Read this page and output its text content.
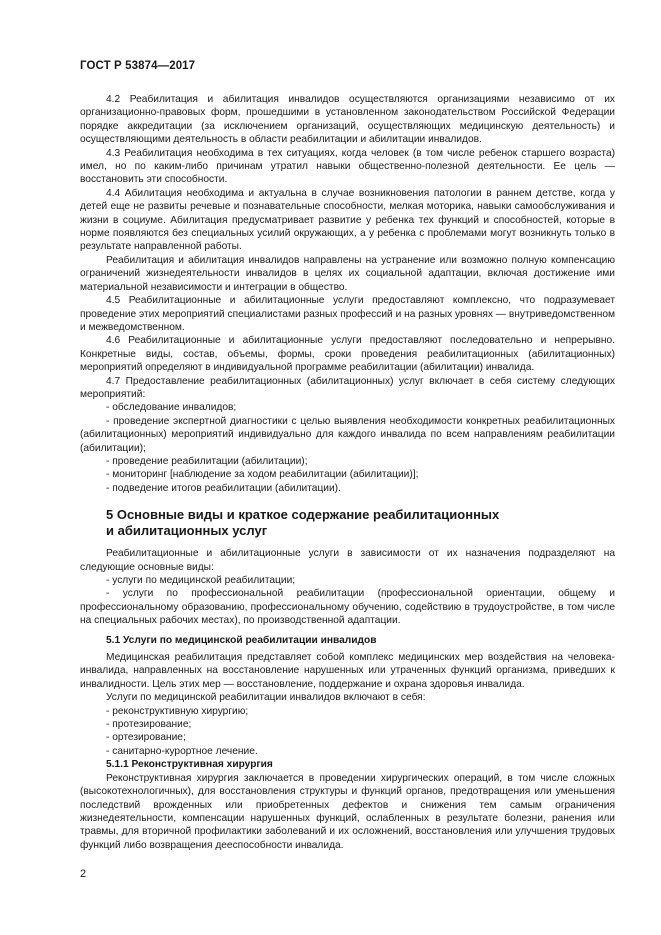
ГОСТ Р 53874—2017

4.2 Реабилитация и абилитация инвалидов осуществляются организациями независимо от их организационно-правовых форм, прошедшими в установленном законодательством Российской Федерации порядке аккредитации (за исключением организаций, осуществляющих медицинскую деятельность) и осуществляющими деятельность в области реабилитации и абилитации инвалидов.

4.3 Реабилитация необходима в тех ситуациях, когда человек (в том числе ребенок старшего возраста) имел, но по каким-либо причинам утратил навыки общественно-полезной деятельности. Ее цель — восстановить эти способности.

4.4 Абилитация необходима и актуальна в случае возникновения патологии в раннем детстве, когда у детей еще не развиты речевые и познавательные способности, мелкая моторика, навыки самообслуживания и жизни в социуме. Абилитация предусматривает развитие у ребенка тех функций и способностей, которые в норме появляются без специальных усилий окружающих, а у ребенка с проблемами могут возникнуть только в результате направленной работы.

Реабилитация и абилитация инвалидов направлены на устранение или возможно полную компенсацию ограничений жизнедеятельности инвалидов в целях их социальной адаптации, включая достижение ими материальной независимости и интеграции в общество.

4.5 Реабилитационные и абилитационные услуги предоставляют комплексно, что подразумевает проведение этих мероприятий специалистами разных профессий и на разных уровнях — внутриведомственном и межведомственном.

4.6 Реабилитационные и абилитационные услуги предоставляют последовательно и непрерывно. Конкретные виды, состав, объемы, формы, сроки проведения реабилитационных (абилитационных) мероприятий определяют в индивидуальной программе реабилитации (абилитации) инвалида.

4.7 Предоставление реабилитационных (абилитационных) услуг включает в себя систему следующих мероприятий:

- обследование инвалидов;

- проведение экспертной диагностики с целью выявления необходимости конкретных реабилитационных (абилитационных) мероприятий индивидуально для каждого инвалида по всем направлениям реабилитации (абилитации);

- проведение реабилитации (абилитации);

- мониторинг [наблюдение за ходом реабилитации (абилитации)];

- подведение итогов реабилитации (абилитации).

5 Основные виды и краткое содержание реабилитационных
и абилитационных услуг

Реабилитационные и абилитационные услуги в зависимости от их назначения подразделяют на следующие основные виды:

- услуги по медицинской реабилитации;

- услуги по профессиональной реабилитации (профессиональной ориентации, общему и профессиональному образованию, профессиональному обучению, содействию в трудоустройстве, в том числе на специальных рабочих местах), по производственной адаптации.

5.1 Услуги по медицинской реабилитации инвалидов

Медицинская реабилитация представляет собой комплекс медицинских мер воздействия на человека-инвалида, направленных на восстановление нарушенных или утраченных функций организма, приведших к инвалидности. Цель этих мер — восстановление, поддержание и охрана здоровья инвалида.

Услуги по медицинской реабилитации инвалидов включают в себя:

- реконструктивную хирургию;

- протезирование;

- ортезирование;

- санитарно-курортное лечение.

5.1.1 Реконструктивная хирургия

Реконструктивная хирургия заключается в проведении хирургических операций, в том числе сложных (высокотехнологичных), для восстановления структуры и функций органов, предотвращения или уменьшения последствий врожденных или приобретенных дефектов и снижения тем самым ограничения жизнедеятельности, компенсации нарушенных функций, ослабленных в результате болезни, ранения или травмы, для вторичной профилактики заболеваний и их осложнений, восстановления или улучшения трудовых функций либо возвращения дееспособности инвалида.

2
